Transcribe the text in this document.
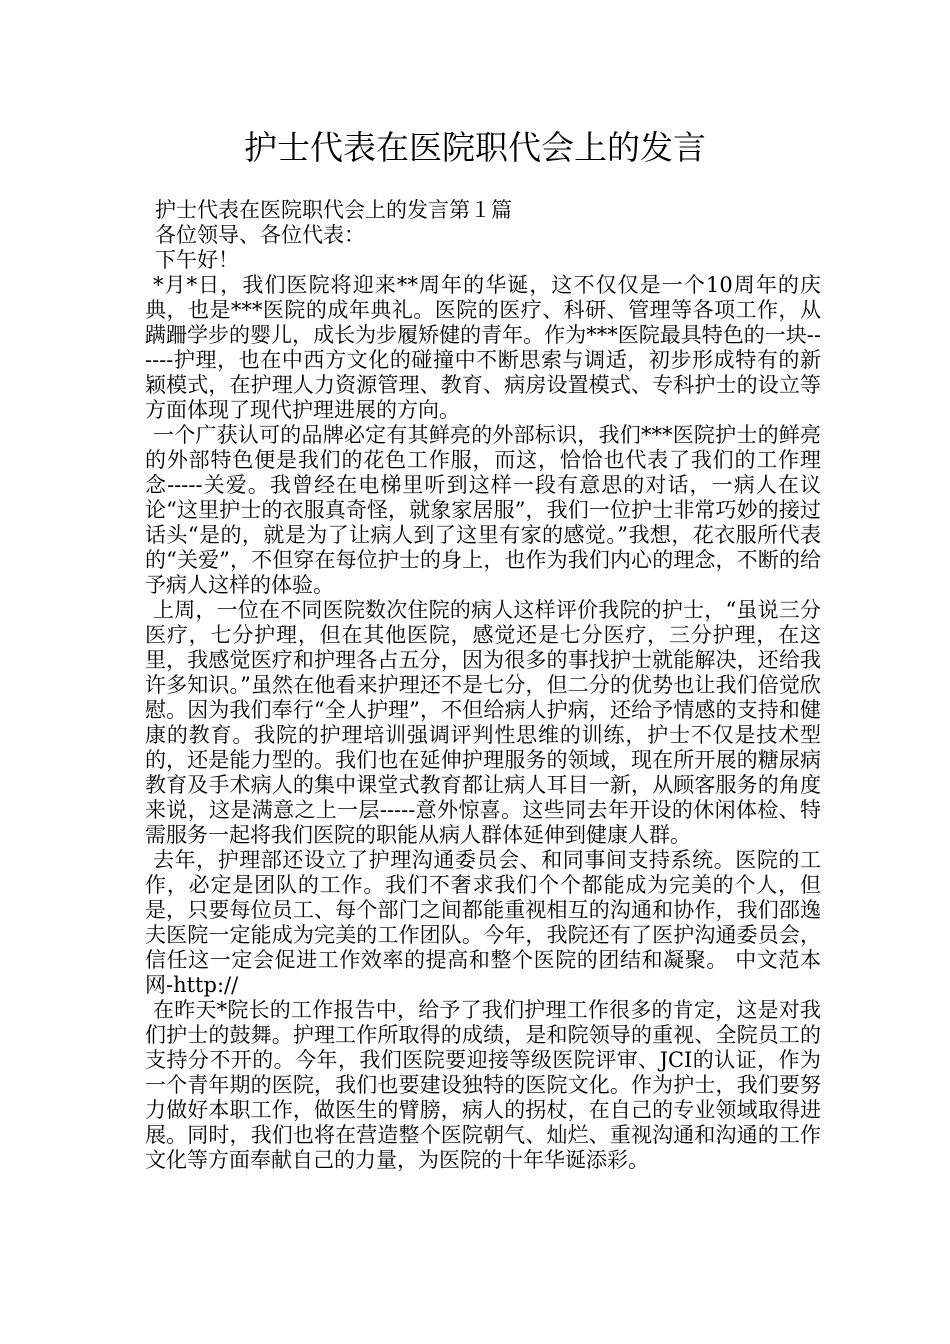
护士代表在医院职代会上的发言

护士代表在医院职代会上的发言第１篇

各位领导、各位代表：

下午好！

*月*日，我们医院将迎来**周年的华诞，这不仅仅是一个10周年的庆典，也是***医院的成年典礼。医院的医疗、科研、管理等各项工作，从蹒跚学步的婴儿，成长为步履矫健的青年。作为***医院最具特色的一块------护理，也在中西方文化的碰撞中不断思索与调适，初步形成特有的新颖模式，在护理人力资源管理、教育、病房设置模式、专科护士的设立等方面体现了现代护理进展的方向。

一个广获认可的品牌必定有其鲜亮的外部标识，我们***医院护士的鲜亮的外部特色便是我们的花色工作服，而这，恰恰也代表了我们的工作理念-----关爱。我曾经在电梯里听到这样一段有意思的对话，一病人在议论“这里护士的衣服真奇怪，就象家居服”，我们一位护士非常巧妙的接过话头“是的，就是为了让病人到了这里有家的感觉。”我想，花衣服所代表的“关爱”，不但穿在每位护士的身上，也作为我们内心的理念，不断的给予病人这样的体验。

上周，一位在不同医院数次住院的病人这样评价我院的护士，“虽说三分医疗，七分护理，但在其他医院，感觉还是七分医疗，三分护理，在这里，我感觉医疗和护理各占五分，因为很多的事找护士就能解决，还给我许多知识。”虽然在他看来护理还不是七分，但二分的优势也让我们倍觉欣慰。因为我们奉行“全人护理”，不但给病人护病，还给予情感的支持和健康的教育。我院的护理培训强调评判性思维的训练，护士不仅是技术型的，还是能力型的。我们也在延伸护理服务的领域，现在所开展的糖尿病教育及手术病人的集中课堂式教育都让病人耳目一新，从顾客服务的角度来说，这是满意之上一层-----意外惊喜。这些同去年开设的休闲体检、特需服务一起将我们医院的职能从病人群体延伸到健康人群。

去年，护理部还设立了护理沟通委员会、和同事间支持系统。医院的工作，必定是团队的工作。我们不奢求我们个个都能成为完美的个人，但是，只要每位员工、每个部门之间都能重视相互的沟通和协作，我们邵逸夫医院一定能成为完美的工作团队。今年，我院还有了医护沟通委员会，信任这一定会促进工作效率的提高和整个医院的团结和凝聚。 中文范本网-http://

在昨天*院长的工作报告中，给予了我们护理工作很多的肯定，这是对我们护士的鼓舞。护理工作所取得的成绩，是和院领导的重视、全院员工的支持分不开的。今年，我们医院要迎接等级医院评审、JCI的认证，作为一个青年期的医院，我们也要建设独特的医院文化。作为护士，我们要努力做好本职工作，做医生的臂膀，病人的拐杖，在自己的专业领域取得进展。同时，我们也将在营造整个医院朝气、灿烂、重视沟通和沟通的工作文化等方面奉献自己的力量，为医院的十年华诞添彩。
